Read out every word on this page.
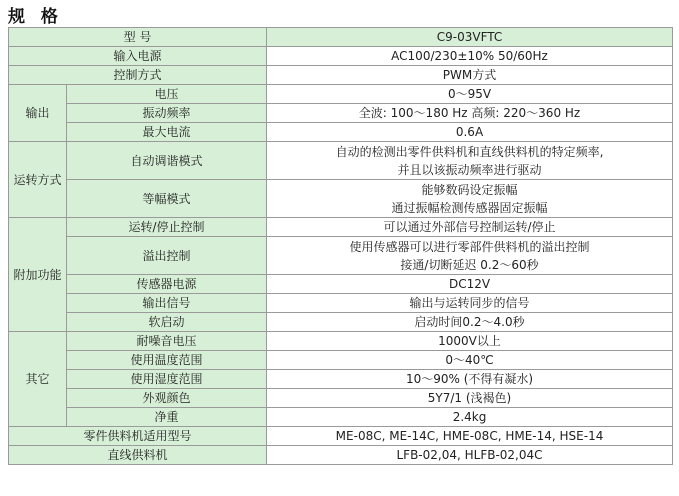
规 格
型 号		C9-03VFTC
输入电源		AC100/230±10% 50/60Hz
控制方式		PWM方式
输出	电压	0～95V
	振动频率	全波: 100～180 Hz 高频: 220～360 Hz
	最大电流	0.6A
运转方式	自动调谐模式	自动的检测出零件供料机和直线供料机的特定频率,
并且以该振动频率进行驱动

	等幅模式	能够数码设定振幅
通过振幅检测传感器固定振幅

附加功能	运转/停止控制	可以通过外部信号控制运转/停止
	溢出控制	使用传感器可以进行零部件供料机的溢出控制
接通/切断延迟 0.2～60秒

	传感器电源	DC12V
	输出信号	输出与运转同步的信号
	软启动	启动时间0.2～4.0秒
其它	耐噪音电压	1000V以上
	使用温度范围	0～40℃
	使用湿度范围	10～90% (不得有凝水)
	外观颜色	5Y7/1 (浅褐色)
	净重	2.4kg
零件供料机适用型号		ME-08C, ME-14C, HME-08C, HME-14, HSE-14
直线供料机		LFB-02,04, HLFB-02,04C
